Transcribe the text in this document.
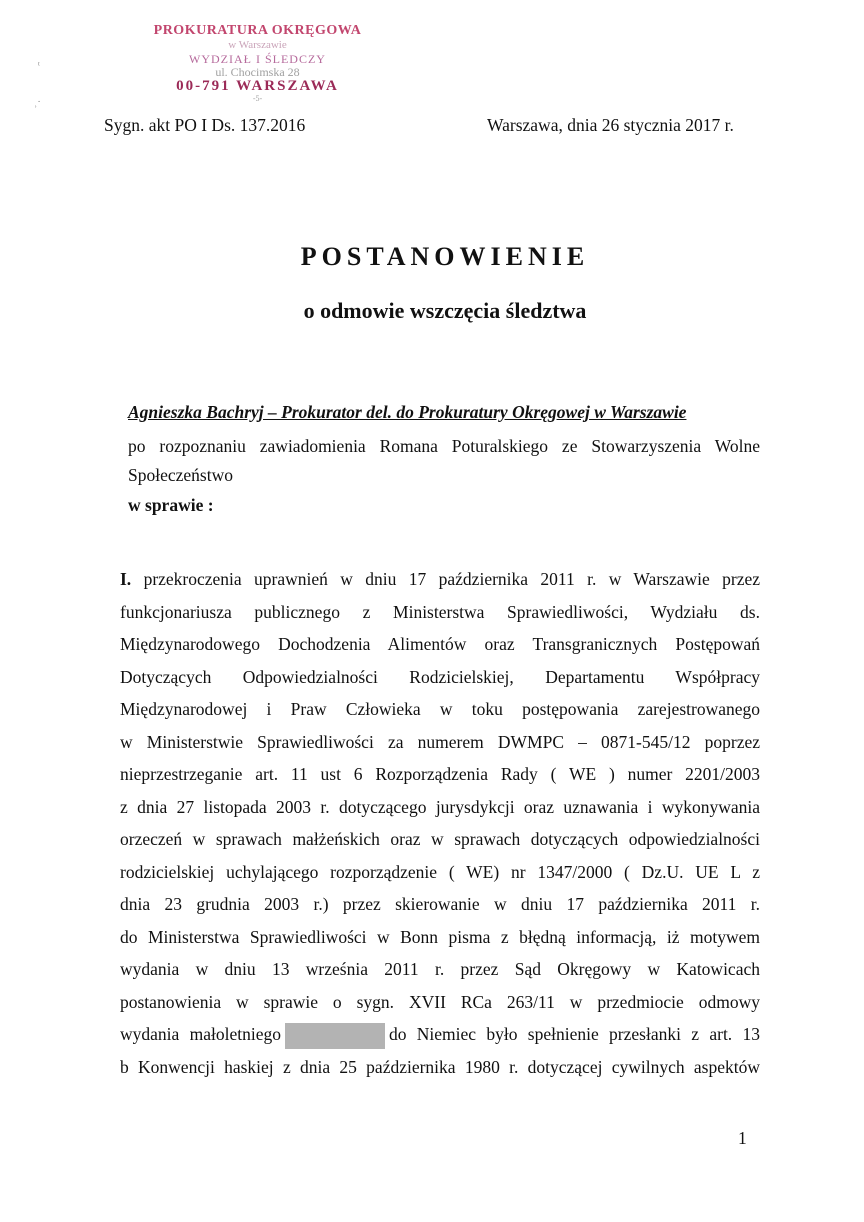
PROKURATURA OKRĘGOWA
w Warszawie
WYDZIAŁ I ŚLEDCZY
ul. Chocimska 28
00-791 WARSZAWA
-5-
ᵗ
˒˙
Sygn. akt PO I Ds. 137.2016	Warszawa, dnia 26 stycznia 2017 r.
POSTANOWIENIE
o odmowie wszczęcia śledztwa
Agnieszka Bachryj – Prokurator del. do Prokuratury Okręgowej w Warszawie

po rozpoznaniu zawiadomienia Romana Poturalskiego ze Stowarzyszenia Wolne Społeczeństwo

w sprawie :
I. przekroczenia uprawnień w dniu 17 października 2011 r. w Warszawie przez
funkcjonariusza publicznego z Ministerstwa Sprawiedliwości, Wydziału ds.
Międzynarodowego Dochodzenia Alimentów oraz Transgranicznych Postępowań
Dotyczących Odpowiedzialności Rodzicielskiej, Departamentu Współpracy
Międzynarodowej i Praw Człowieka w toku postępowania zarejestrowanego
w Ministerstwie Sprawiedliwości za numerem DWMPC – 0871-545/12 poprzez
nieprzestrzeganie art. 11 ust 6 Rozporządzenia Rady ( WE ) numer 2201/2003
z dnia 27 listopada 2003 r. dotyczącego jurysdykcji oraz uznawania i wykonywania
orzeczeń w sprawach małżeńskich oraz w sprawach dotyczących odpowiedzialności
rodzicielskiej uchylającego rozporządzenie ( WE) nr 1347/2000 ( Dz.U. UE L z
dnia 23 grudnia 2003 r.) przez skierowanie w dniu 17 października 2011 r.
do Ministerstwa Sprawiedliwości w Bonn pisma z błędną informacją, iż motywem
wydania w dniu 13 września 2011 r. przez Sąd Okręgowy w Katowicach
postanowienia w sprawie o sygn. XVII RCa 263/11 w przedmiocie odmowy
wydania małoletniego	do Niemiec było spełnienie przesłanki z art. 13
b Konwencji haskiej z dnia 25 października 1980 r. dotyczącej cywilnych aspektów
1
